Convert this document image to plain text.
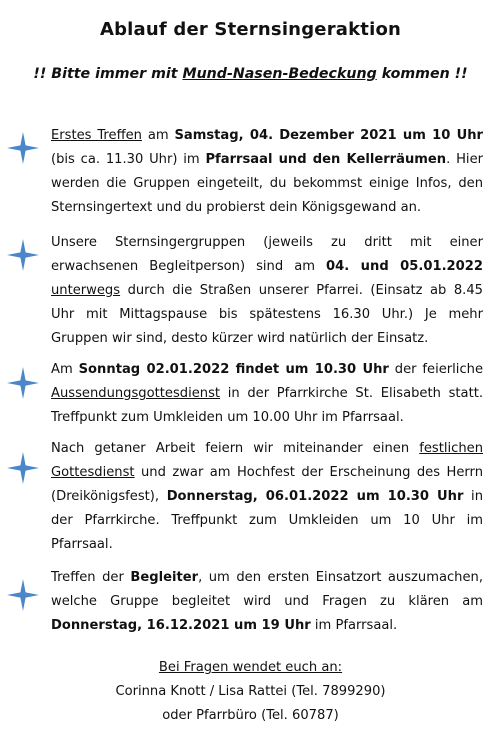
Ablauf der Sternsingeraktion
!! Bitte immer mit Mund-Nasen-Bedeckung kommen !!
Erstes Treffen am Samstag, 04. Dezember 2021 um 10 Uhr (bis ca. 11.30 Uhr) im Pfarrsaal und den Kellerräumen. Hier werden die Gruppen eingeteilt, du bekommst einige Infos, den Sternsingertext und du probierst dein Königsgewand an.
Unsere Sternsingergruppen (jeweils zu dritt mit einer erwachsenen Begleitperson) sind am 04. und 05.01.2022 unterwegs durch die Straßen unserer Pfarrei. (Einsatz ab 8.45 Uhr mit Mittagspause bis spätestens 16.30 Uhr.) Je mehr Gruppen wir sind, desto kürzer wird natürlich der Einsatz.
Am Sonntag 02.01.2022 findet um 10.30 Uhr der feierliche Aussendungsgottesdienst in der Pfarrkirche St. Elisabeth statt. Treffpunkt zum Umkleiden um 10.00 Uhr im Pfarrsaal.
Nach getaner Arbeit feiern wir miteinander einen festlichen Gottesdienst und zwar am Hochfest der Erscheinung des Herrn (Dreikönigsfest), Donnerstag, 06.01.2022 um 10.30 Uhr in der Pfarrkirche. Treffpunkt zum Umkleiden um 10 Uhr im Pfarrsaal.
Treffen der Begleiter, um den ersten Einsatzort auszumachen, welche Gruppe begleitet wird und Fragen zu klären am Donnerstag, 16.12.2021 um 19 Uhr im Pfarrsaal.
Bei Fragen wendet euch an:
Corinna Knott / Lisa Rattei (Tel. 7899290)
oder Pfarrbüro (Tel. 60787)
